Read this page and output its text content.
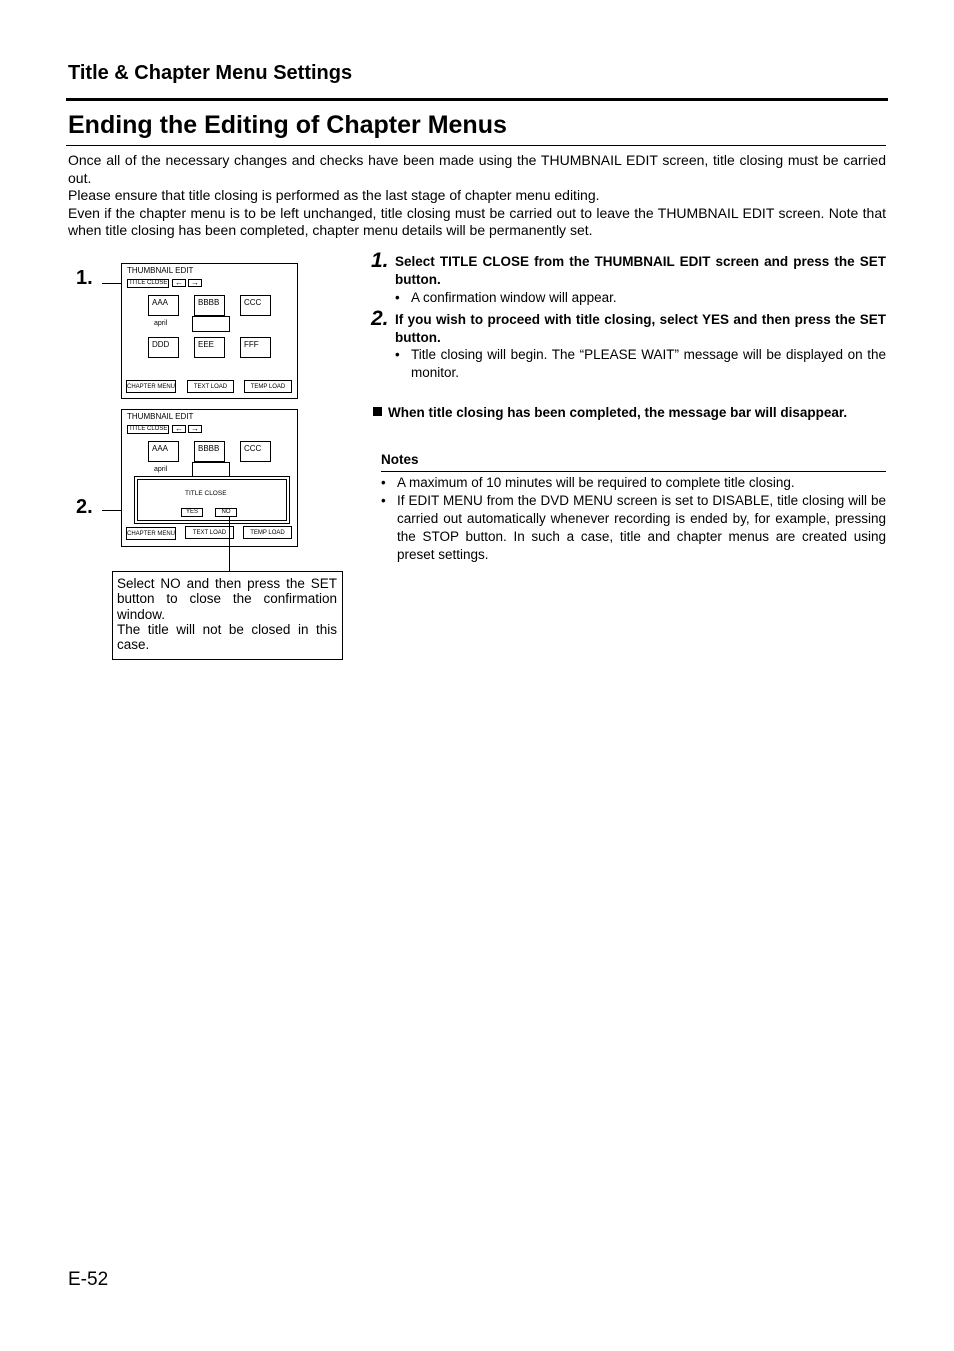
Title & Chapter Menu Settings
Ending the Editing of Chapter Menus

Once all of the necessary changes and checks have been made using the THUMBNAIL EDIT screen, title closing must be carried out.

Please ensure that title closing is performed as the last stage of chapter menu editing.

Even if the chapter menu is to be left unchanged, title closing must be carried out to leave the THUMBNAIL EDIT screen. Note that when title closing has been completed, chapter menu details will be permanently set.

1.	THUMBNAIL EDIT
TITLE CLOSE ←	→
AAA	BBBB	CCC
april
DDD	EEE	FFF
CHAPTER MENU	TEXT LOAD	TEMP LOAD
2.
THUMBNAIL EDIT
TITLE CLOSE ←	→
AAA	BBBB	CCC
april
TITLE CLOSE
YES	NO
CHAPTER MENU	TEXT LOAD	TEMP LOAD

Select NO and then press the SET button to close the confirmation window.

The title will not be closed in this case.

1. Select TITLE CLOSE from the THUMBNAIL EDIT screen and press the SET button.
• A confirmation window will appear.
2. If you wish to proceed with title closing, select YES and then press the SET button.
• Title closing will begin. The “PLEASE WAIT” message will be displayed on the monitor.
When title closing has been completed, the message bar will disappear.
Notes
• A maximum of 10 minutes will be required to complete title closing.
• If EDIT MENU from the DVD MENU screen is set to DISABLE, title closing will be carried out automatically whenever recording is ended by, for example, pressing the STOP button. In such a case, title and chapter menus are created using preset settings.
E-52
